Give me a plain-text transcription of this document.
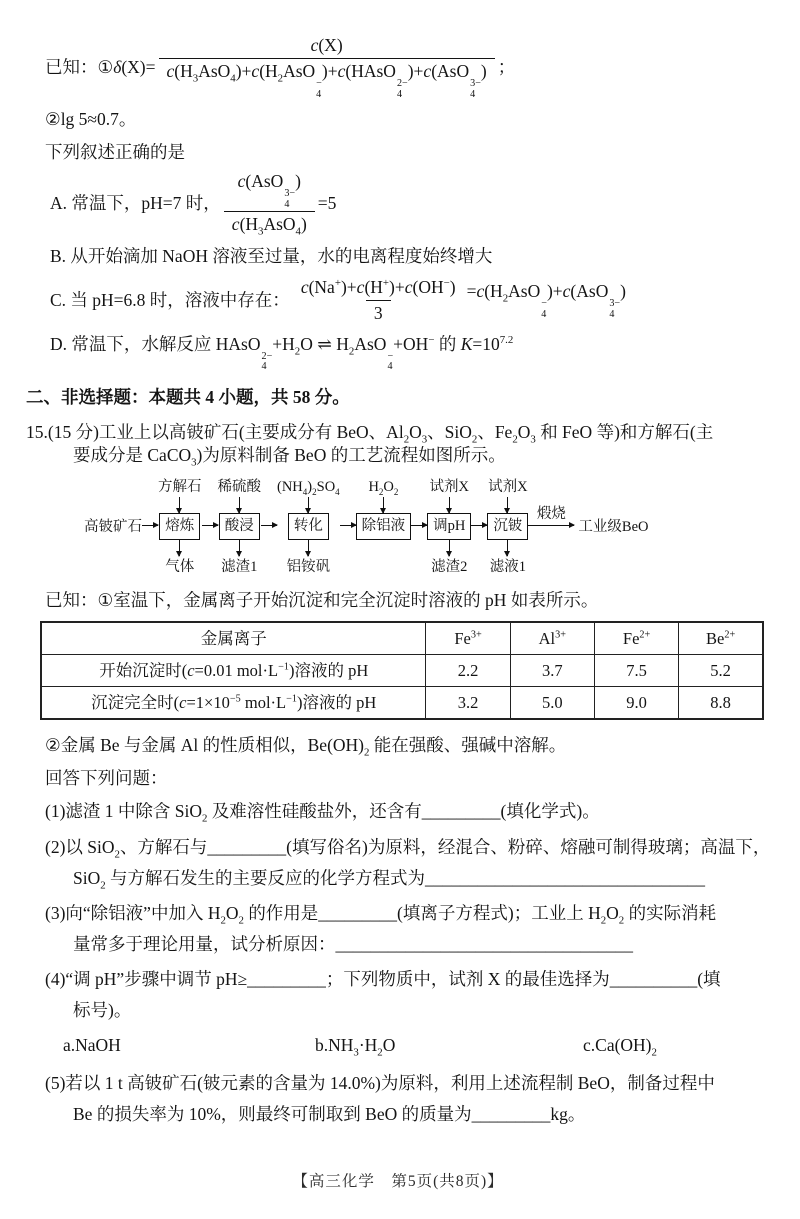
已知：①δ(X)= c(X)
$c(H_3AsO_4)+c(H_2AsO$
−
4
)+c(HAsO
2−
4
)+c(AsO
3−
4
) ；
②lg 5≈0.7。
下列叙述正确的是
A. 常温下，pH=7 时， c(AsO
3−
4
)
$c(H_3AsO_4) =5$
B. 从开始滴加 NaOH 溶液至过量，水的电离程度始终增大
C. 当 pH=6.8 时，溶液中存在： $\frac{c(Na^+)+c(H^+)+c(OH^-)}{3} =c(H_2AsO$
−
4
)+c(AsO
3−
4
)
D. 常温下，水解反应 HAsO
2−
4
$+H_2O$ ⇌ $H_2AsO$
−
4
+OH− 的 $K=10^{7.2}$
二、非选择题：本题共 4 小题，共 58 分。
15.(15 分)工业上以高铍矿石(主要成分有 BeO、$Al_2O_3$、SiO$_2$、$Fe_2O_3$ 和 FeO 等)和方解石(主
要成分是 CaCO$_3$)为原料制备 BeO 的工艺流程如图所示。
高铍矿石
方解石
熔炼
气体
稀硫酸
酸浸
滤渣1
$(NH_4)_2SO_4$
转化
铝铵矾
$H_2O_2$
除铝液
试剂X
调pH
滤渣2
试剂X
沉铍
滤液1
煅烧
工业级BeO
已知：①室温下，金属离子开始沉淀和完全沉淀时溶液的 pH 如表所示。
金属离子	$Fe^{3+}$	$Al^{3+}$	$Fe^{2+}$	$Be^{2+}$
开始沉淀时(c=0.01 $mol\cdot L^{-1}$)溶液的 pH	2.2	3.7	7.5	5.2
沉淀完全时($c=1\times 10^{-5}$ $mol\cdot L^{-1}$)溶液的 pH	3.2	5.0	9.0	8.8
②金属 Be 与金属 Al 的性质相似，$Be(OH)_2$ 能在强酸、强碱中溶解。
回答下列问题：
(1)滤渣 1 中除含 SiO$_2$ 及难溶性硅酸盐外，还含有_________(填化学式)。
(2)以 SiO$_2$、方解石与_________(填写俗名)为原料，经混合、粉碎、熔融可制得玻璃；高温下，
SiO$_2$ 与方解石发生的主要反应的化学方程式为________________________________
(3)向“除铝液”中加入 $H_2O_2$ 的作用是_________(填离子方程式)；工业上 $H_2O_2$ 的实际消耗
量常多于理论用量，试分析原因：__________________________________
(4)“调 pH”步骤中调节 pH≥_________；下列物质中，试剂 X 的最佳选择为__________(填
标号)。
a.NaOH	$b.NH_3\cdot H_2O$	$c.Ca(OH)_2$
(5)若以 1 t 高铍矿石(铍元素的含量为 14.0%)为原料，利用上述流程制 BeO，制备过程中
Be 的损失率为 10%，则最终可制取到 BeO 的质量为_________kg。
【高三化学　第5页(共8页)】
